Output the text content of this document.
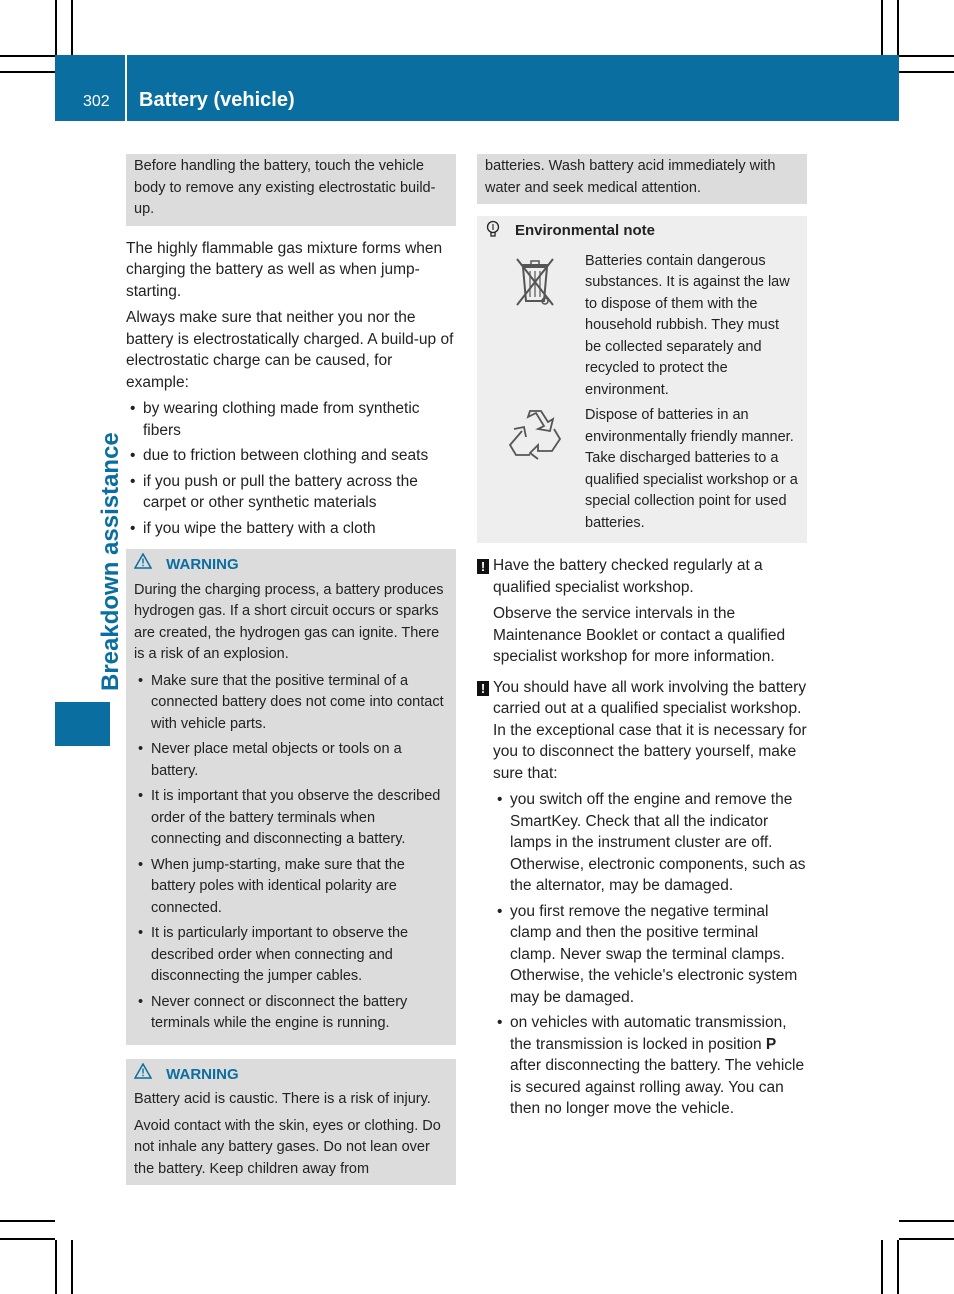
302 Battery (vehicle)
Breakdown assistance
Before handling the battery, touch the vehicle body to remove any existing electrostatic build-up.

The highly flammable gas mixture forms when charging the battery as well as when jump-starting.

Always make sure that neither you nor the battery is electrostatically charged. A build-up of electrostatic charge can be caused, for example:

• by wearing clothing made from synthetic fibers
• due to friction between clothing and seats
• if you push or pull the battery across the carpet or other synthetic materials
• if you wipe the battery with a cloth
WARNING

During the charging process, a battery produces hydrogen gas. If a short circuit occurs or sparks are created, the hydrogen gas can ignite. There is a risk of an explosion.

• Make sure that the positive terminal of a connected battery does not come into contact with vehicle parts.
• Never place metal objects or tools on a battery.
• It is important that you observe the described order of the battery terminals when connecting and disconnecting a battery.
• When jump-starting, make sure that the battery poles with identical polarity are connected.
• It is particularly important to observe the described order when connecting and disconnecting the jumper cables.
• Never connect or disconnect the battery terminals while the engine is running.
WARNING

Battery acid is caustic. There is a risk of injury.

Avoid contact with the skin, eyes or clothing. Do not inhale any battery gases. Do not lean over the battery. Keep children away from

batteries. Wash battery acid immediately with water and seek medical attention.
Environmental note
Batteries contain dangerous substances. It is against the law to dispose of them with the household rubbish. They must be collected separately and recycled to protect the environment.
Dispose of batteries in an environmentally friendly manner. Take discharged batteries to a qualified specialist workshop or a special collection point for used batteries.

! Have the battery checked regularly at a qualified specialist workshop.

Observe the service intervals in the Maintenance Booklet or contact a qualified specialist workshop for more information.

! You should have all work involving the battery carried out at a qualified specialist workshop. In the exceptional case that it is necessary for you to disconnect the battery yourself, make sure that:

• you switch off the engine and remove the SmartKey. Check that all the indicator lamps in the instrument cluster are off. Otherwise, electronic components, such as the alternator, may be damaged.
• you first remove the negative terminal clamp and then the positive terminal clamp. Never swap the terminal clamps. Otherwise, the vehicle's electronic system may be damaged.
• on vehicles with automatic transmission, the transmission is locked in position P after disconnecting the battery. The vehicle is secured against rolling away. You can then no longer move the vehicle.
